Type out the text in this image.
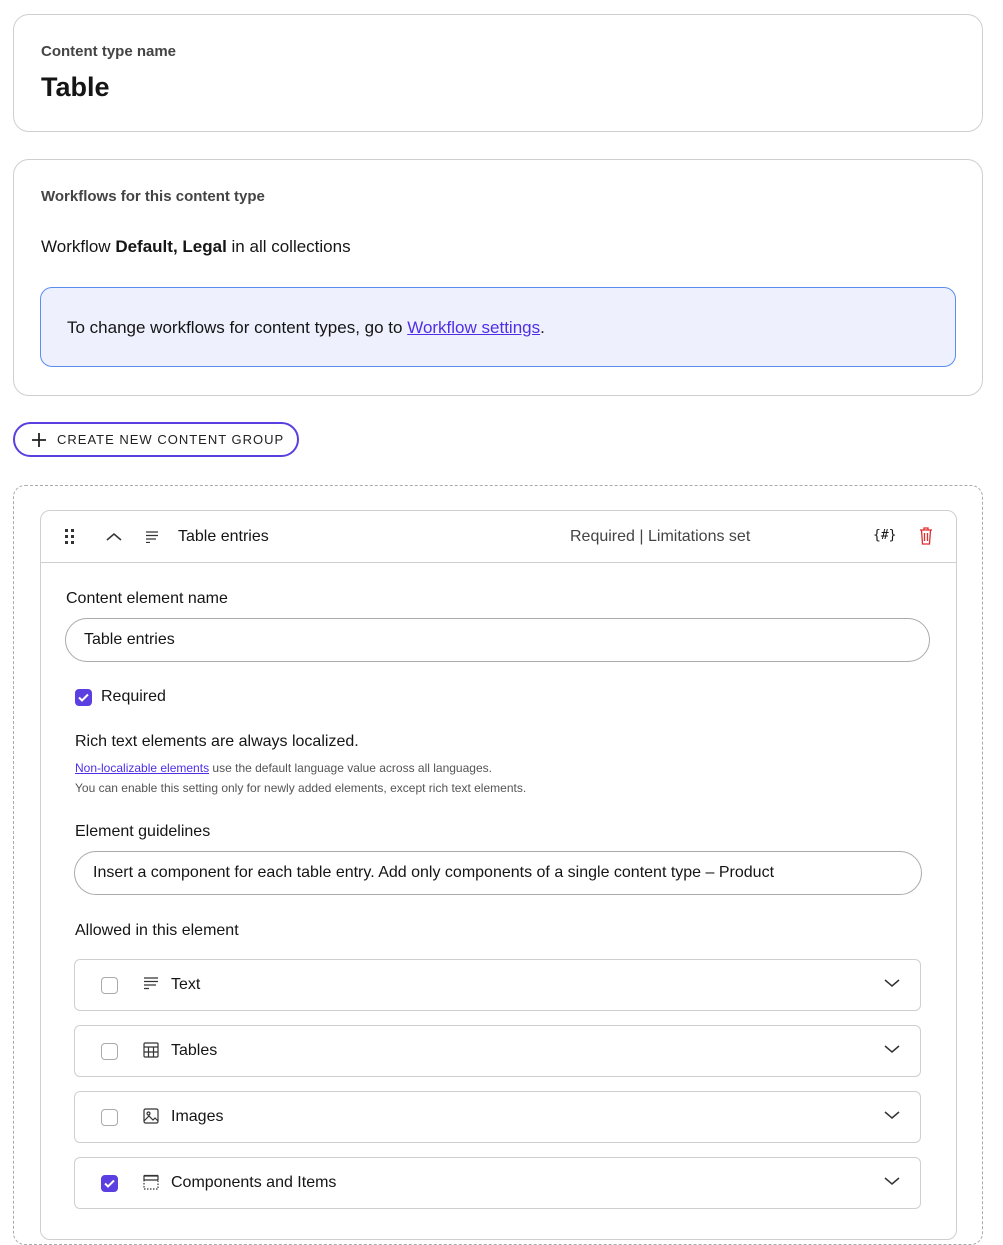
Content type name
Table
Workflows for this content type
Workflow Default, Legal in all collections
To change workflows for content types, go to Workflow settings.
CREATE NEW CONTENT GROUP
Table entries	Required | Limitations set	{#}
Content element name
Table entries
Required
Rich text elements are always localized.
Non-localizable elements use the default language value across all languages.
You can enable this setting only for newly added elements, except rich text elements.
Element guidelines
Insert a component for each table entry. Add only components of a single content type – Product
Allowed in this element
Text
Tables
Images
Components and Items
